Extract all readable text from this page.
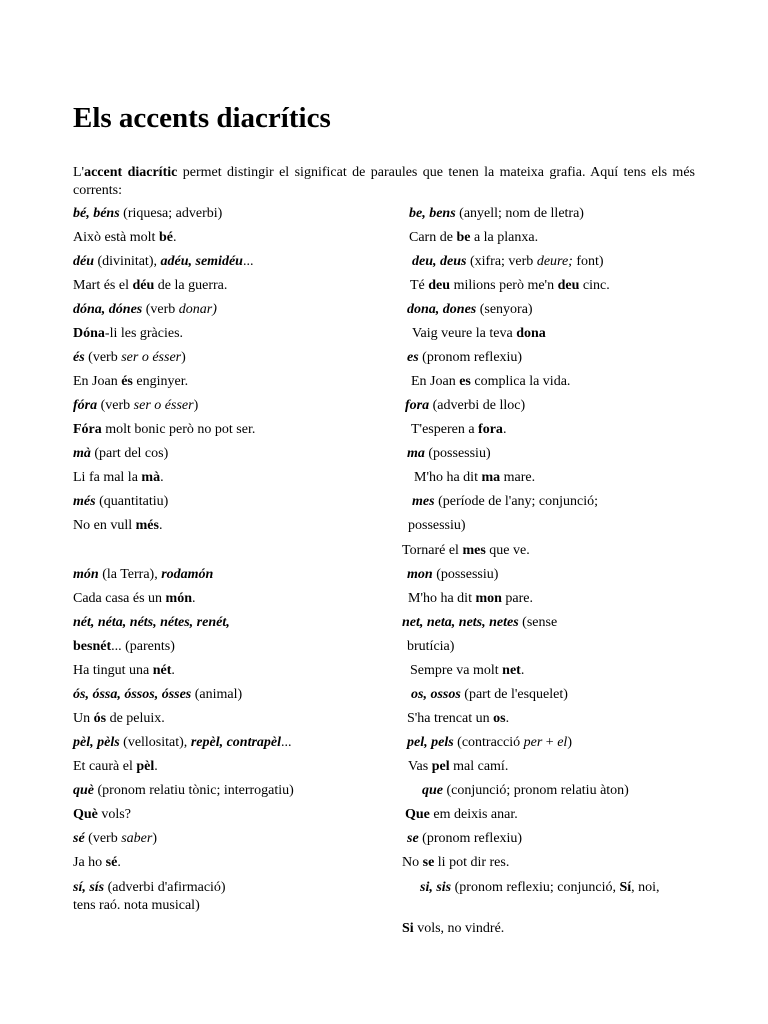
Els accents diacrítics

L'accent diacrític permet distingir el significat de paraules que tenen la mateixa grafia. Aquí tens els més corrents:

bé, béns (riquesa; adverbi)
Això està molt bé.
déu (divinitat), adéu, semidéu...
Mart és el déu de la guerra.
dóna, dónes (verb donar)
Dóna-li les gràcies.
és (verb ser o ésser)
En Joan és enginyer.
fóra (verb ser o ésser)
Fóra molt bonic però no pot ser.
mà (part del cos)
Li fa mal la mà.
més (quantitatiu)
No en vull més.
món (la Terra), rodamón
Cada casa és un món.
nét, néta, néts, nétes, renét,
besnét... (parents)
Ha tingut una nét.
ós, óssa, óssos, ósses (animal)
Un ós de peluix.
pèl, pèls (vellositat), repèl, contrapèl...
Et caurà el pèl.
què (pronom relatiu tònic; interrogatiu)
Què vols?
sé (verb saber)
Ja ho sé.
sí, sís (adverbi d'afirmació)
tens raó. nota musical)
be, bens (anyell; nom de lletra)
Carn de be a la planxa.
deu, deus (xifra; verb deure; font)
Té deu milions però me'n deu cinc.
dona, dones (senyora)
Vaig veure la teva dona
es (pronom reflexiu)
En Joan es complica la vida.
fora (adverbi de lloc)
T'esperen a fora.
ma (possessiu)
M'ho ha dit ma mare.
mes (període de l'any; conjunció;
possessiu)
Tornaré el mes que ve.
mon (possessiu)
M'ho ha dit mon pare.
net, neta, nets, netes (sense
brutícia)
Sempre va molt net.
os, ossos (part de l'esquelet)
S'ha trencat un os.
pel, pels (contracció per + el)
Vas pel mal camí.
que (conjunció; pronom relatiu àton)
Que em deixis anar.
se (pronom reflexiu)
No se li pot dir res.
si, sis (pronom reflexiu; conjunció, Sí, noi,
Si vols, no vindré.
